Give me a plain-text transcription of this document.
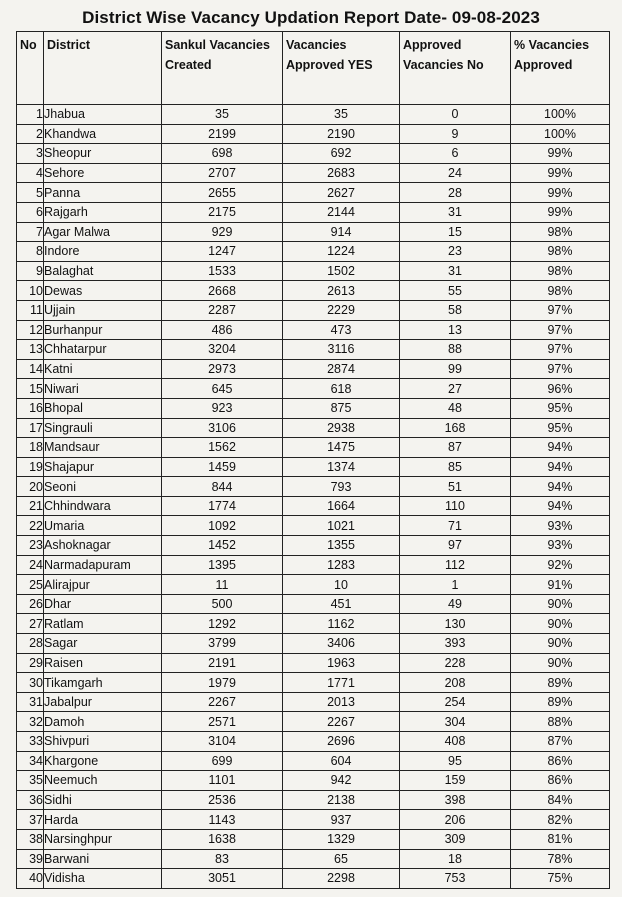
District Wise Vacancy Updation Report Date- 09-08-2023
No	District	Sankul Vacancies Created	Vacancies Approved YES	Approved Vacancies No	% Vacancies Approved
1	Jhabua	35	35	0	100%
2	Khandwa	2199	2190	9	100%
3	Sheopur	698	692	6	99%
4	Sehore	2707	2683	24	99%
5	Panna	2655	2627	28	99%
6	Rajgarh	2175	2144	31	99%
7	Agar Malwa	929	914	15	98%
8	Indore	1247	1224	23	98%
9	Balaghat	1533	1502	31	98%
10	Dewas	2668	2613	55	98%
11	Ujjain	2287	2229	58	97%
12	Burhanpur	486	473	13	97%
13	Chhatarpur	3204	3116	88	97%
14	Katni	2973	2874	99	97%
15	Niwari	645	618	27	96%
16	Bhopal	923	875	48	95%
17	Singrauli	3106	2938	168	95%
18	Mandsaur	1562	1475	87	94%
19	Shajapur	1459	1374	85	94%
20	Seoni	844	793	51	94%
21	Chhindwara	1774	1664	110	94%
22	Umaria	1092	1021	71	93%
23	Ashoknagar	1452	1355	97	93%
24	Narmadapuram	1395	1283	112	92%
25	Alirajpur	11	10	1	91%
26	Dhar	500	451	49	90%
27	Ratlam	1292	1162	130	90%
28	Sagar	3799	3406	393	90%
29	Raisen	2191	1963	228	90%
30	Tikamgarh	1979	1771	208	89%
31	Jabalpur	2267	2013	254	89%
32	Damoh	2571	2267	304	88%
33	Shivpuri	3104	2696	408	87%
34	Khargone	699	604	95	86%
35	Neemuch	1101	942	159	86%
36	Sidhi	2536	2138	398	84%
37	Harda	1143	937	206	82%
38	Narsinghpur	1638	1329	309	81%
39	Barwani	83	65	18	78%
40	Vidisha	3051	2298	753	75%
